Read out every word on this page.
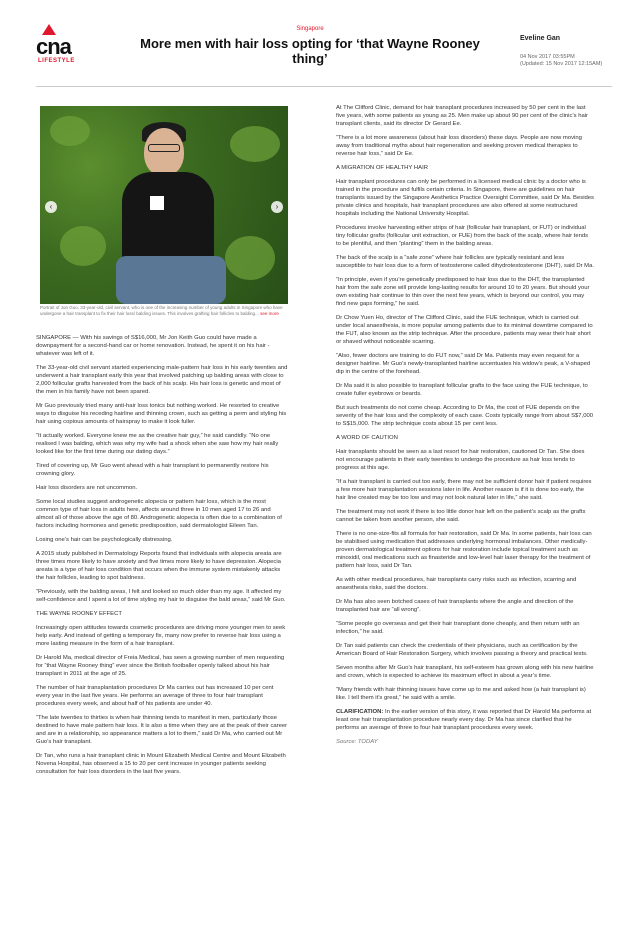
cna
LIFESTYLE
Singapore
More men with hair loss opting for ‘that Wayne Rooney thing’
Eveline Gan
04 Nov 2017 03:55PM
(Updated: 15 Nov 2017 12:15AM)
‹	›
Portrait of Jon Guo, 33-year-old, civil servant, who is one of the increasing number of young adults in Singapore who have undergone a hair transplant to fix their hair loss/ balding issues. This involves grafting hair follicles to balding... see more

SINGAPORE — With his savings of S$16,000, Mr Jon Keith Guo could have made a downpayment for a second-hand car or home renovation. Instead, he spent it on his hair - whatever was left of it.

The 33-year-old civil servant started experiencing male-pattern hair loss in his early twenties and underwent a hair transplant early this year that involved patching up balding areas with close to 2,000 follicular grafts harvested from the back of his scalp. His hair loss is genetic and most of the men in his family have not been spared.

Mr Guo previously tried many anti-hair loss tonics but nothing worked. He resorted to creative ways to disguise his receding hairline and thinning crown, such as getting a perm and styling his hair using copious amounts of hairspray to make it look fuller.

“It actually worked. Everyone knew me as the creative hair guy,” he said candidly. “No one realised I was balding, which was why my wife had a shock when she saw how my hair really looked like for the first time during our dating days.”

Tired of covering up, Mr Guo went ahead with a hair transplant to permanently restore his crowning glory.

Hair loss disorders are not uncommon.

Some local studies suggest androgenetic alopecia or pattern hair loss, which is the most common type of hair loss in adults here, affects around three in 10 men aged 17 to 26 and almost all of those above the age of 80. Androgenetic alopecia is often due to a combination of factors including hormones and genetic predisposition, said dermatologist Eileen Tan.

Losing one’s hair can be psychologically distressing.

A 2015 study published in Dermatology Reports found that individuals with alopecia areata are three times more likely to have anxiety and five times more likely to have depression. Alopecia areata is a type of hair loss condition that occurs when the immune system mistakenly attacks the hair follicles, leading to spot baldness.

“Previously, with the balding areas, I felt and looked so much older than my age. It affected my self-confidence and I spent a lot of time styling my hair to disguise the bald areas,” said Mr Guo.

THE WAYNE ROONEY EFFECT

Increasingly open attitudes towards cosmetic procedures are driving more younger men to seek help early. And instead of getting a temporary fix, many now prefer to reverse hair loss using a more lasting measure in the form of a hair transplant.

Dr Harold Ma, medical director of Freia Medical, has seen a growing number of men requesting for “that Wayne Rooney thing” ever since the British footballer openly talked about his hair transplant in 2011 at the age of 25.

The number of hair transplantation procedures Dr Ma carries out has increased 10 per cent every year in the last five years. He performs an average of three to four hair transplant procedures every week, and about half of his patients are under 40.

“The late twenties to thirties is when hair thinning tends to manifest in men, particularly those destined to have male pattern hair loss. It is also a time when they are at the peak of their career and are in a relationship, so appearance matters a lot to them,” said Dr Ma, who carried out Mr Guo’s hair transplant.

Dr Tan, who runs a hair transplant clinic in Mount Elizabeth Medical Centre and Mount Elizabeth Novena Hospital, has observed a 15 to 20 per cent increase in younger patients seeking consultation for hair loss disorders in the last five years.

At The Clifford Clinic, demand for hair transplant procedures increased by 50 per cent in the last five years, with some patients as young as 25. Men make up about 90 per cent of the clinic’s hair transplant clients, said its director Dr Gerard Ee.

“There is a lot more awareness (about hair loss disorders) these days. People are now moving away from traditional myths about hair regeneration and seeking proven medical therapies to reverse hair loss,” said Dr Ee.

A MIGRATION OF HEALTHY HAIR

Hair transplant procedures can only be performed in a licensed medical clinic by a doctor who is trained in the procedure and fulfils certain criteria. In Singapore, there are guidelines on hair transplants issued by the Singapore Aesthetics Practice Oversight Committee, said Dr Ma. Besides private clinics and hospitals, hair transplant procedures are also offered at some restructured hospitals including the National University Hospital.

Procedures involve harvesting either strips of hair (follicular hair transplant, or FUT) or individual tiny follicular grafts (follicular unit extraction, or FUE) from the back of the scalp, where hair tends to be plentiful, and then “planting” them in the balding areas.

The back of the scalp is a “safe zone” where hair follicles are typically resistant and less susceptible to hair loss due to a form of testosterone called dihydrotestosterone (DHT), said Dr Ma.

“In principle, even if you’re genetically predisposed to hair loss due to the DHT, the transplanted hair from the safe zone will provide long-lasting results for around 10 to 20 years. But should your own existing hair continue to thin over the next few years, which is beyond our control, you may find new gaps forming,” he said.

Dr Chow Yuen Ho, director of The Clifford Clinic, said the FUE technique, which is carried out under local anaesthesia, is more popular among patients due to its minimal downtime compared to the FUT, also known as the strip technique. After the procedure, patients may wear their hair short or shaved without noticeable scarring.

“Also, fewer doctors are training to do FUT now,” said Dr Ma. Patients may even request for a designer hairline. Mr Guo’s newly-transplanted hairline accentuates his widow’s peak, a V-shaped dip in the centre of the forehead.

Dr Ma said it is also possible to transplant follicular grafts to the face using the FUE technique, to create fuller eyebrows or beards.

But such treatments do not come cheap. According to Dr Ma, the cost of FUE depends on the severity of the hair loss and the complexity of each case. Costs typically range from about S$7,000 to S$15,000. The strip technique costs about 15 per cent less.

A WORD OF CAUTION

Hair transplants should be seen as a last resort for hair restoration, cautioned Dr Tan. She does not encourage patients in their early twenties to undergo the procedure as hair loss tends to progress at this age.

“If a hair transplant is carried out too early, there may not be sufficient donor hair if patient requires a few more hair transplantation sessions later in life. Another reason is if it is done too early, the hair line created may be too low and may not look natural later in life,” she said.

The treatment may not work if there is too little donor hair left on the patient’s scalp as the grafts cannot be taken from another person, she said.

There is no one-size-fits all formula for hair restoration, said Dr Ma. In some patients, hair loss can be stabilised using medication that addresses underlying hormonal imbalances. Other medically-proven dermatological treatment options for hair restoration include topical treatment such as minoxidil, oral medications such as finasteride and low-level hair laser therapy for the treatment of pattern hair loss, said Dr Tan.

As with other medical procedures, hair transplants carry risks such as infection, scarring and anaesthesia risks, said the doctors.

Dr Ma has also seen botched cases of hair transplants where the angle and direction of the transplanted hair are “all wrong”.

“Some people go overseas and get their hair transplant done cheaply, and then return with an infection,” he said.

Dr Tan said patients can check the credentials of their physicians, such as certification by the American Board of Hair Restoration Surgery, which involves passing a theory and practical tests.

Seven months after Mr Guo’s hair transplant, his self-esteem has grown along with his new hairline and crown, which is expected to achieve its maximum effect in about a year’s time.

“Many friends with hair thinning issues have come up to me and asked how (a hair transplant is) like. I tell them it’s great,” he said with a smile.

CLARIFICATION: In the earlier version of this story, it was reported that Dr Harold Ma performs at least one hair transplantation procedure nearly every day. Dr Ma has since clarified that he performs an average of three to four hair transplant procedures every week.

Source: TODAY
